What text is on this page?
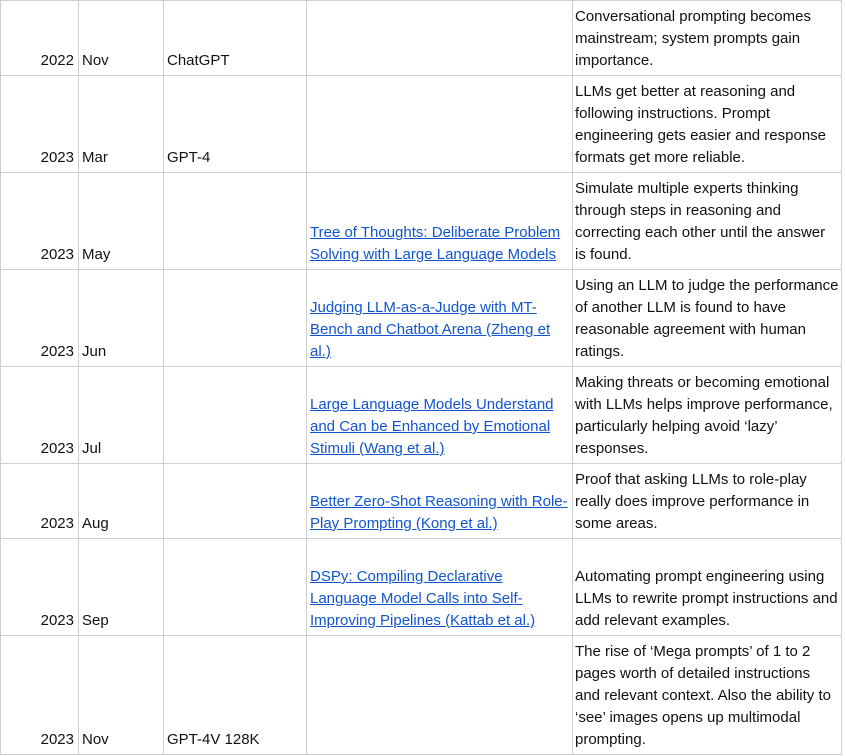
2022	Nov	ChatGPT		Conversational prompting becomes mainstream; system prompts gain importance.
2023	Mar	GPT-4		LLMs get better at reasoning and following instructions. Prompt engineering gets easier and response formats get more reliable.
2023	May		Tree of Thoughts: Deliberate Problem Solving with Large Language Models	Simulate multiple experts thinking through steps in reasoning and correcting each other until the answer is found.
2023	Jun		Judging LLM-as-a-Judge with MT-Bench and Chatbot Arena (Zheng et al.)	Using an LLM to judge the performance of another LLM is found to have reasonable agreement with human ratings.
2023	Jul		Large Language Models Understand and Can be Enhanced by Emotional Stimuli (Wang et al.)	Making threats or becoming emotional with LLMs helps improve performance, particularly helping avoid ‘lazy’ responses.
2023	Aug		Better Zero-Shot Reasoning with Role-Play Prompting (Kong et al.)	Proof that asking LLMs to role-play really does improve performance in some areas.
2023	Sep		DSPy: Compiling Declarative Language Model Calls into Self-Improving Pipelines (Kattab et al.)	Automating prompt engineering using LLMs to rewrite prompt instructions and add relevant examples.
2023	Nov	GPT-4V 128K		The rise of ‘Mega prompts’ of 1 to 2 pages worth of detailed instructions and relevant context. Also the ability to ‘see’ images opens up multimodal prompting.
